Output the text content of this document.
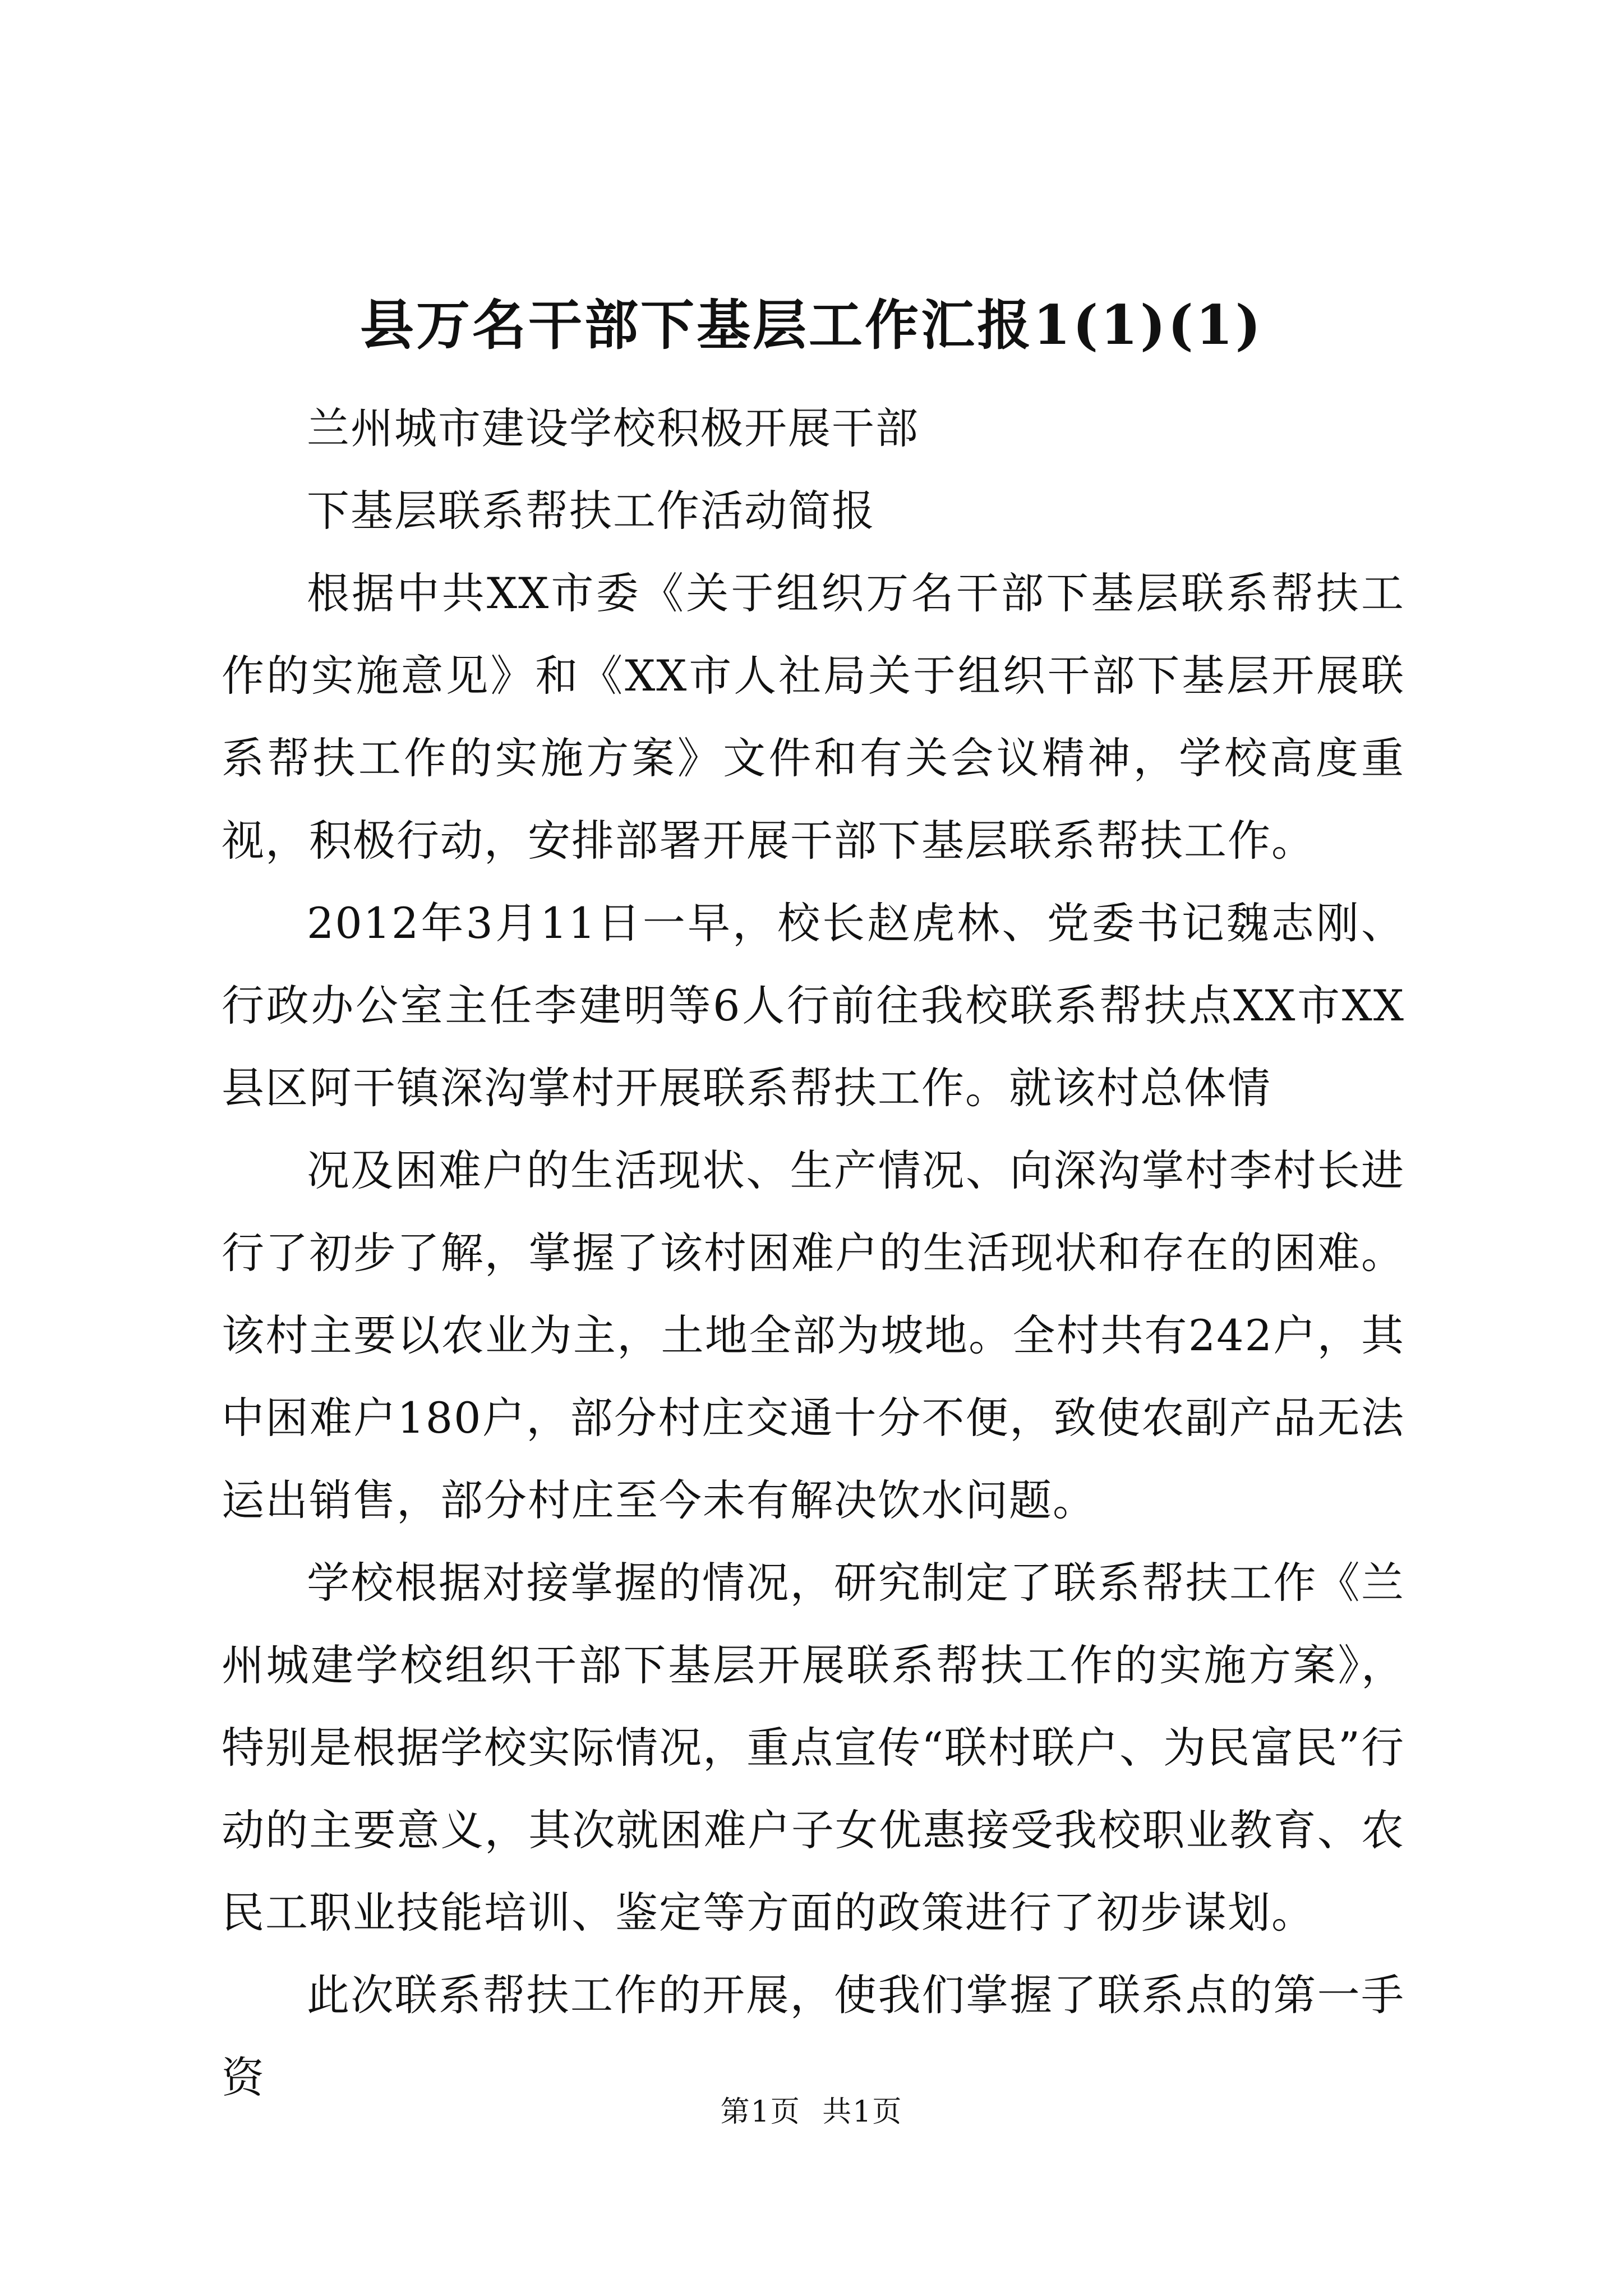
县万名干部下基层工作汇报1(1)(1)

兰州城市建设学校积极开展干部

下基层联系帮扶工作活动简报

根据中共XX市委《关于组织万名干部下基层联系帮扶工作的实施意见》和《XX市人社局关于组织干部下基层开展联系帮扶工作的实施方案》文件和有关会议精神，学校高度重视，积极行动，安排部署开展干部下基层联系帮扶工作。

2012年3月11日一早，校长赵虎林、党委书记魏志刚、行政办公室主任李建明等6人行前往我校联系帮扶点XX市XX县区阿干镇深沟掌村开展联系帮扶工作。就该村总体情

况及困难户的生活现状、生产情况、向深沟掌村李村长进行了初步了解，掌握了该村困难户的生活现状和存在的困难。该村主要以农业为主，土地全部为坡地。全村共有242户，其中困难户180户，部分村庄交通十分不便，致使农副产品无法运出销售，部分村庄至今未有解决饮水问题。

学校根据对接掌握的情况，研究制定了联系帮扶工作《兰州城建学校组织干部下基层开展联系帮扶工作的实施方案》，特别是根据学校实际情况，重点宣传“联村联户、为民富民”行动的主要意义，其次就困难户子女优惠接受我校职业教育、农民工职业技能培训、鉴定等方面的政策进行了初步谋划。

此次联系帮扶工作的开展，使我们掌握了联系点的第一手资

第1页 共1页
